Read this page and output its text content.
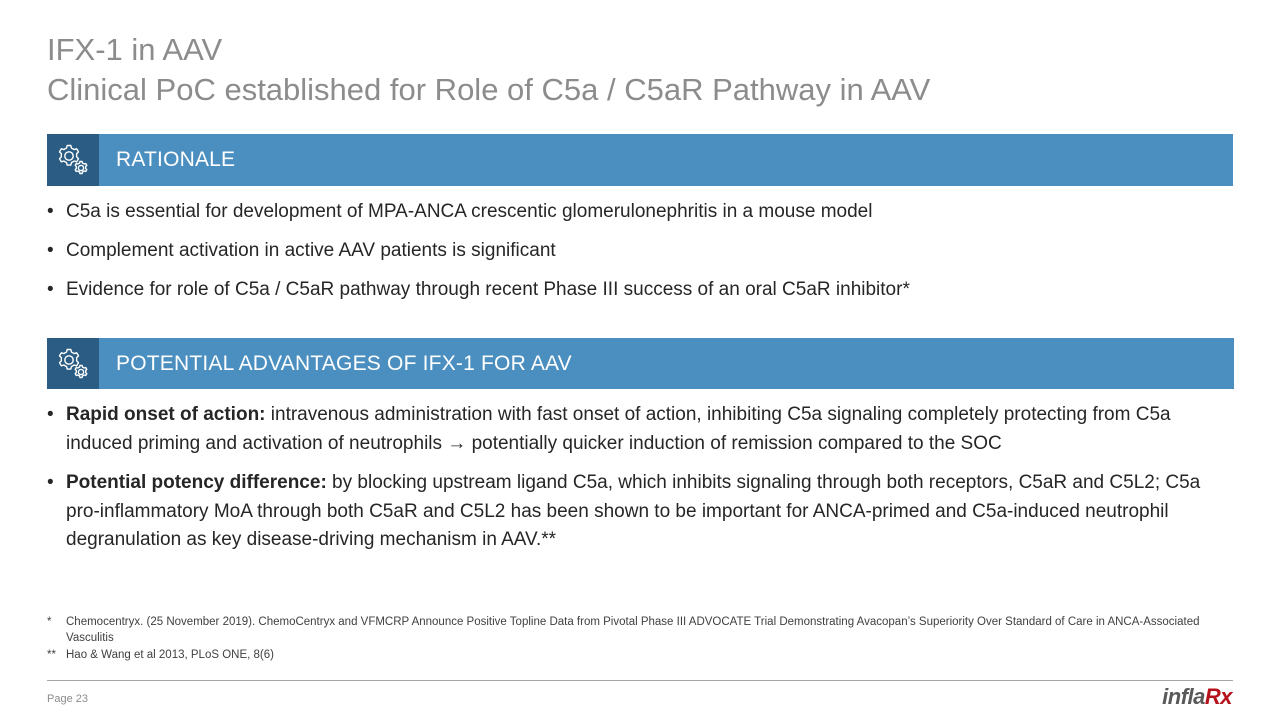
IFX-1 in AAV
Clinical PoC established for Role of C5a / C5aR Pathway in AAV
RATIONALE
• C5a is essential for development of MPA-ANCA crescentic glomerulonephritis in a mouse model
• Complement activation in active AAV patients is significant
• Evidence for role of C5a / C5aR pathway through recent Phase III success of an oral C5aR inhibitor*
POTENTIAL ADVANTAGES OF IFX-1 FOR AAV
• Rapid onset of action: intravenous administration with fast onset of action, inhibiting C5a signaling completely protecting from C5a induced priming and activation of neutrophils → potentially quicker induction of remission compared to the SOC
• Potential potency difference: by blocking upstream ligand C5a, which inhibits signaling through both receptors, C5aR and C5L2; C5a pro-inflammatory MoA through both C5aR and C5L2 has been shown to be important for ANCA-primed and C5a-induced neutrophil degranulation as key disease-driving mechanism in AAV.**
* Chemocentryx. (25 November 2019). ChemoCentryx and VFMCRP Announce Positive Topline Data from Pivotal Phase III ADVOCATE Trial Demonstrating Avacopan’s Superiority Over Standard of Care in ANCA-Associated Vasculitis
** Hao & Wang et al 2013, PLoS ONE, 8(6)
Page 23	inflaRx
